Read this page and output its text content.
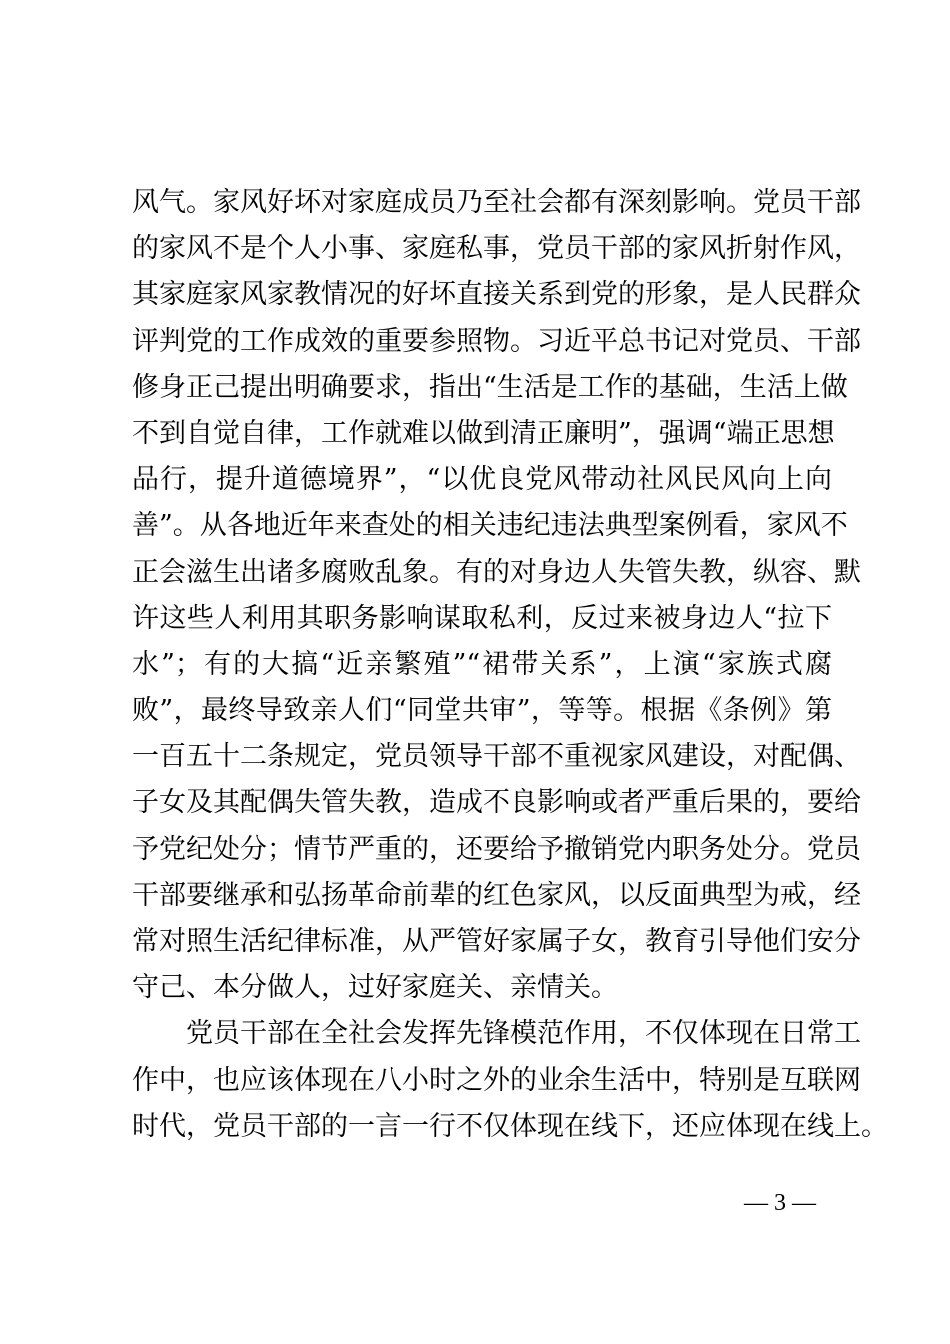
风气。家风好坏对家庭成员乃至社会都有深刻影响。党员干部
的家风不是个人小事、家庭私事，党员干部的家风折射作风，
其家庭家风家教情况的好坏直接关系到党的形象，是人民群众
评判党的工作成效的重要参照物。习近平总书记对党员、干部
修身正己提出明确要求，指出“生活是工作的基础，生活上做
不到自觉自律，工作就难以做到清正廉明”，强调“端正思想
品行，提升道德境界”，“以优良党风带动社风民风向上向
善”。从各地近年来查处的相关违纪违法典型案例看，家风不
正会滋生出诸多腐败乱象。有的对身边人失管失教，纵容、默
许这些人利用其职务影响谋取私利，反过来被身边人“拉下
水”；有的大搞“近亲繁殖”“裙带关系”，上演“家族式腐
败”，最终导致亲人们“同堂共审”，等等。根据《条例》第
一百五十二条规定，党员领导干部不重视家风建设，对配偶、
子女及其配偶失管失教，造成不良影响或者严重后果的，要给
予党纪处分；情节严重的，还要给予撤销党内职务处分。党员
干部要继承和弘扬革命前辈的红色家风，以反面典型为戒，经
常对照生活纪律标准，从严管好家属子女，教育引导他们安分
守己、本分做人，过好家庭关、亲情关。
党员干部在全社会发挥先锋模范作用，不仅体现在日常工
作中，也应该体现在八小时之外的业余生活中，特别是互联网
时代，党员干部的一言一行不仅体现在线下，还应体现在线上。
— 3 —
